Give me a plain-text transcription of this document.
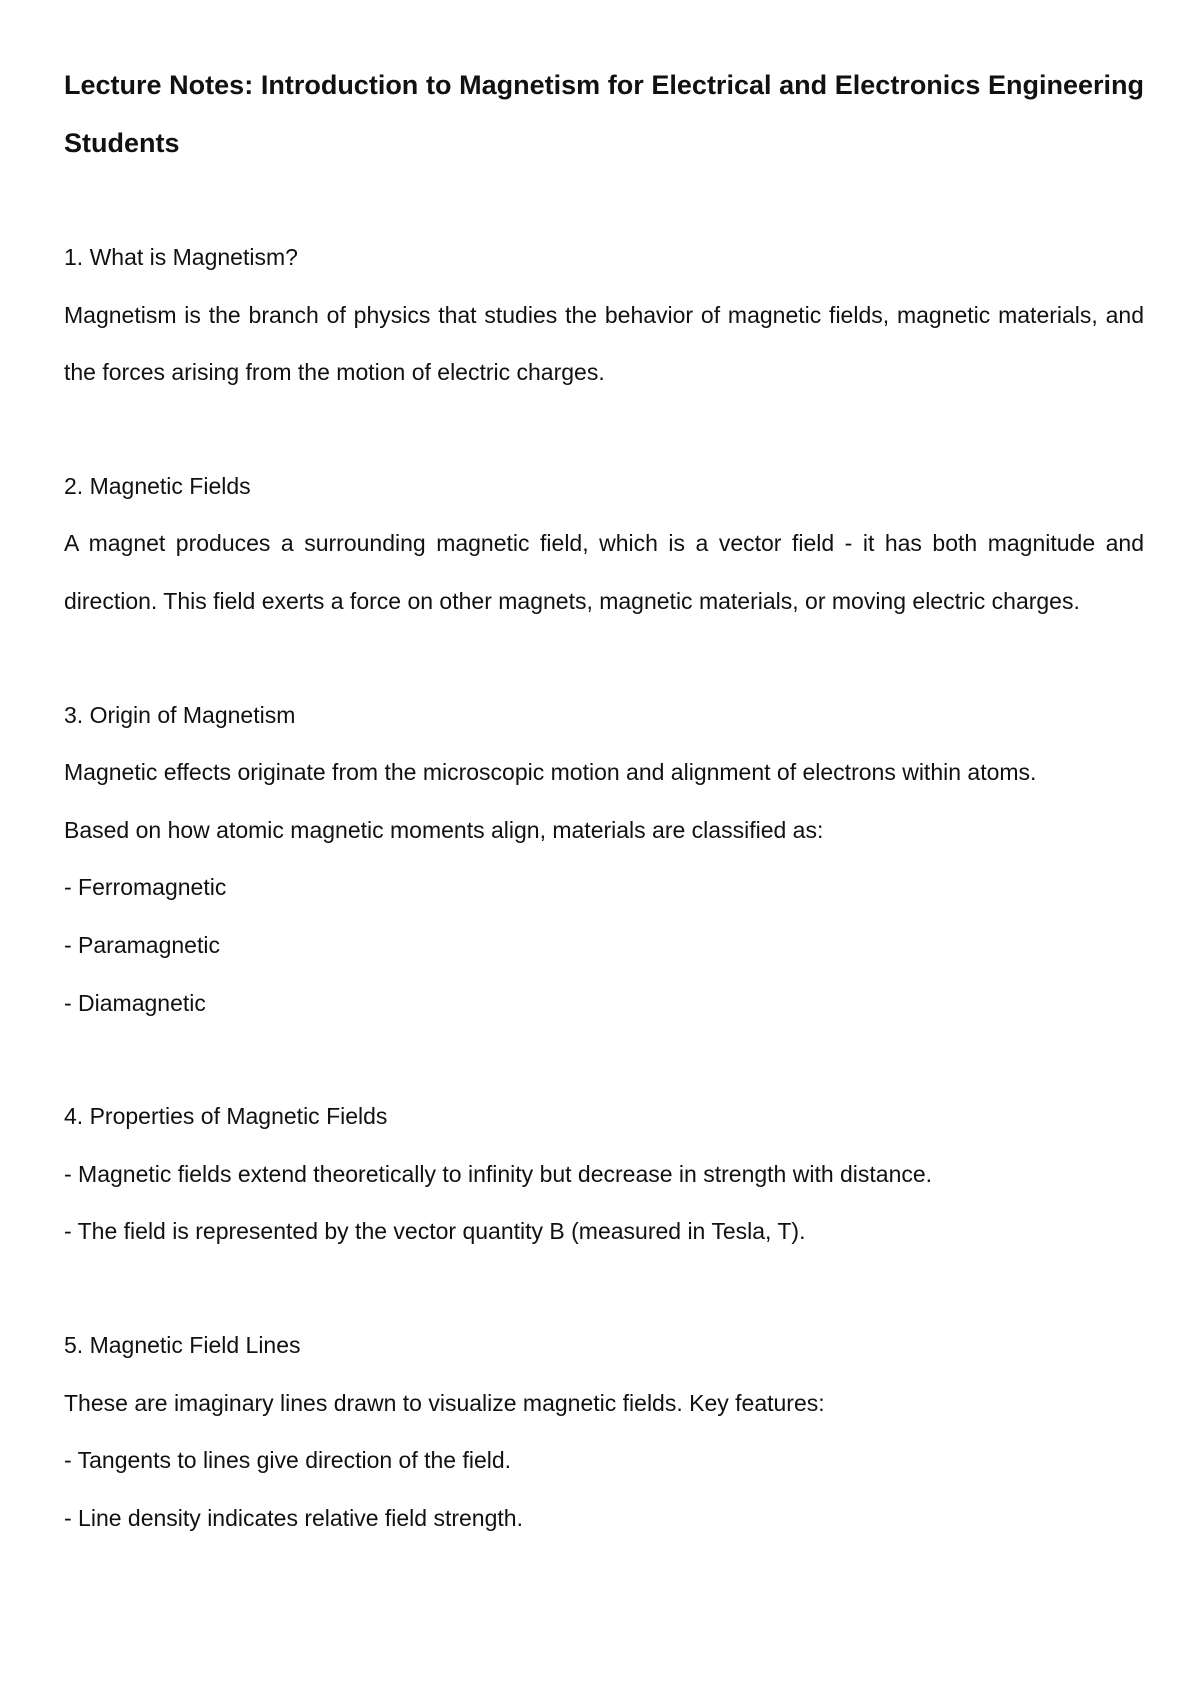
Lecture Notes: Introduction to Magnetism for Electrical and Electronics Engineering Students

1. What is Magnetism?

Magnetism is the branch of physics that studies the behavior of magnetic fields, magnetic materials, and the forces arising from the motion of electric charges.

2. Magnetic Fields

A magnet produces a surrounding magnetic field, which is a vector field - it has both magnitude and direction. This field exerts a force on other magnets, magnetic materials, or moving electric charges.

3. Origin of Magnetism

Magnetic effects originate from the microscopic motion and alignment of electrons within atoms.

Based on how atomic magnetic moments align, materials are classified as:

- Ferromagnetic

- Paramagnetic

- Diamagnetic

4. Properties of Magnetic Fields

- Magnetic fields extend theoretically to infinity but decrease in strength with distance.

- The field is represented by the vector quantity B (measured in Tesla, T).

5. Magnetic Field Lines

These are imaginary lines drawn to visualize magnetic fields. Key features:

- Tangents to lines give direction of the field.

- Line density indicates relative field strength.
